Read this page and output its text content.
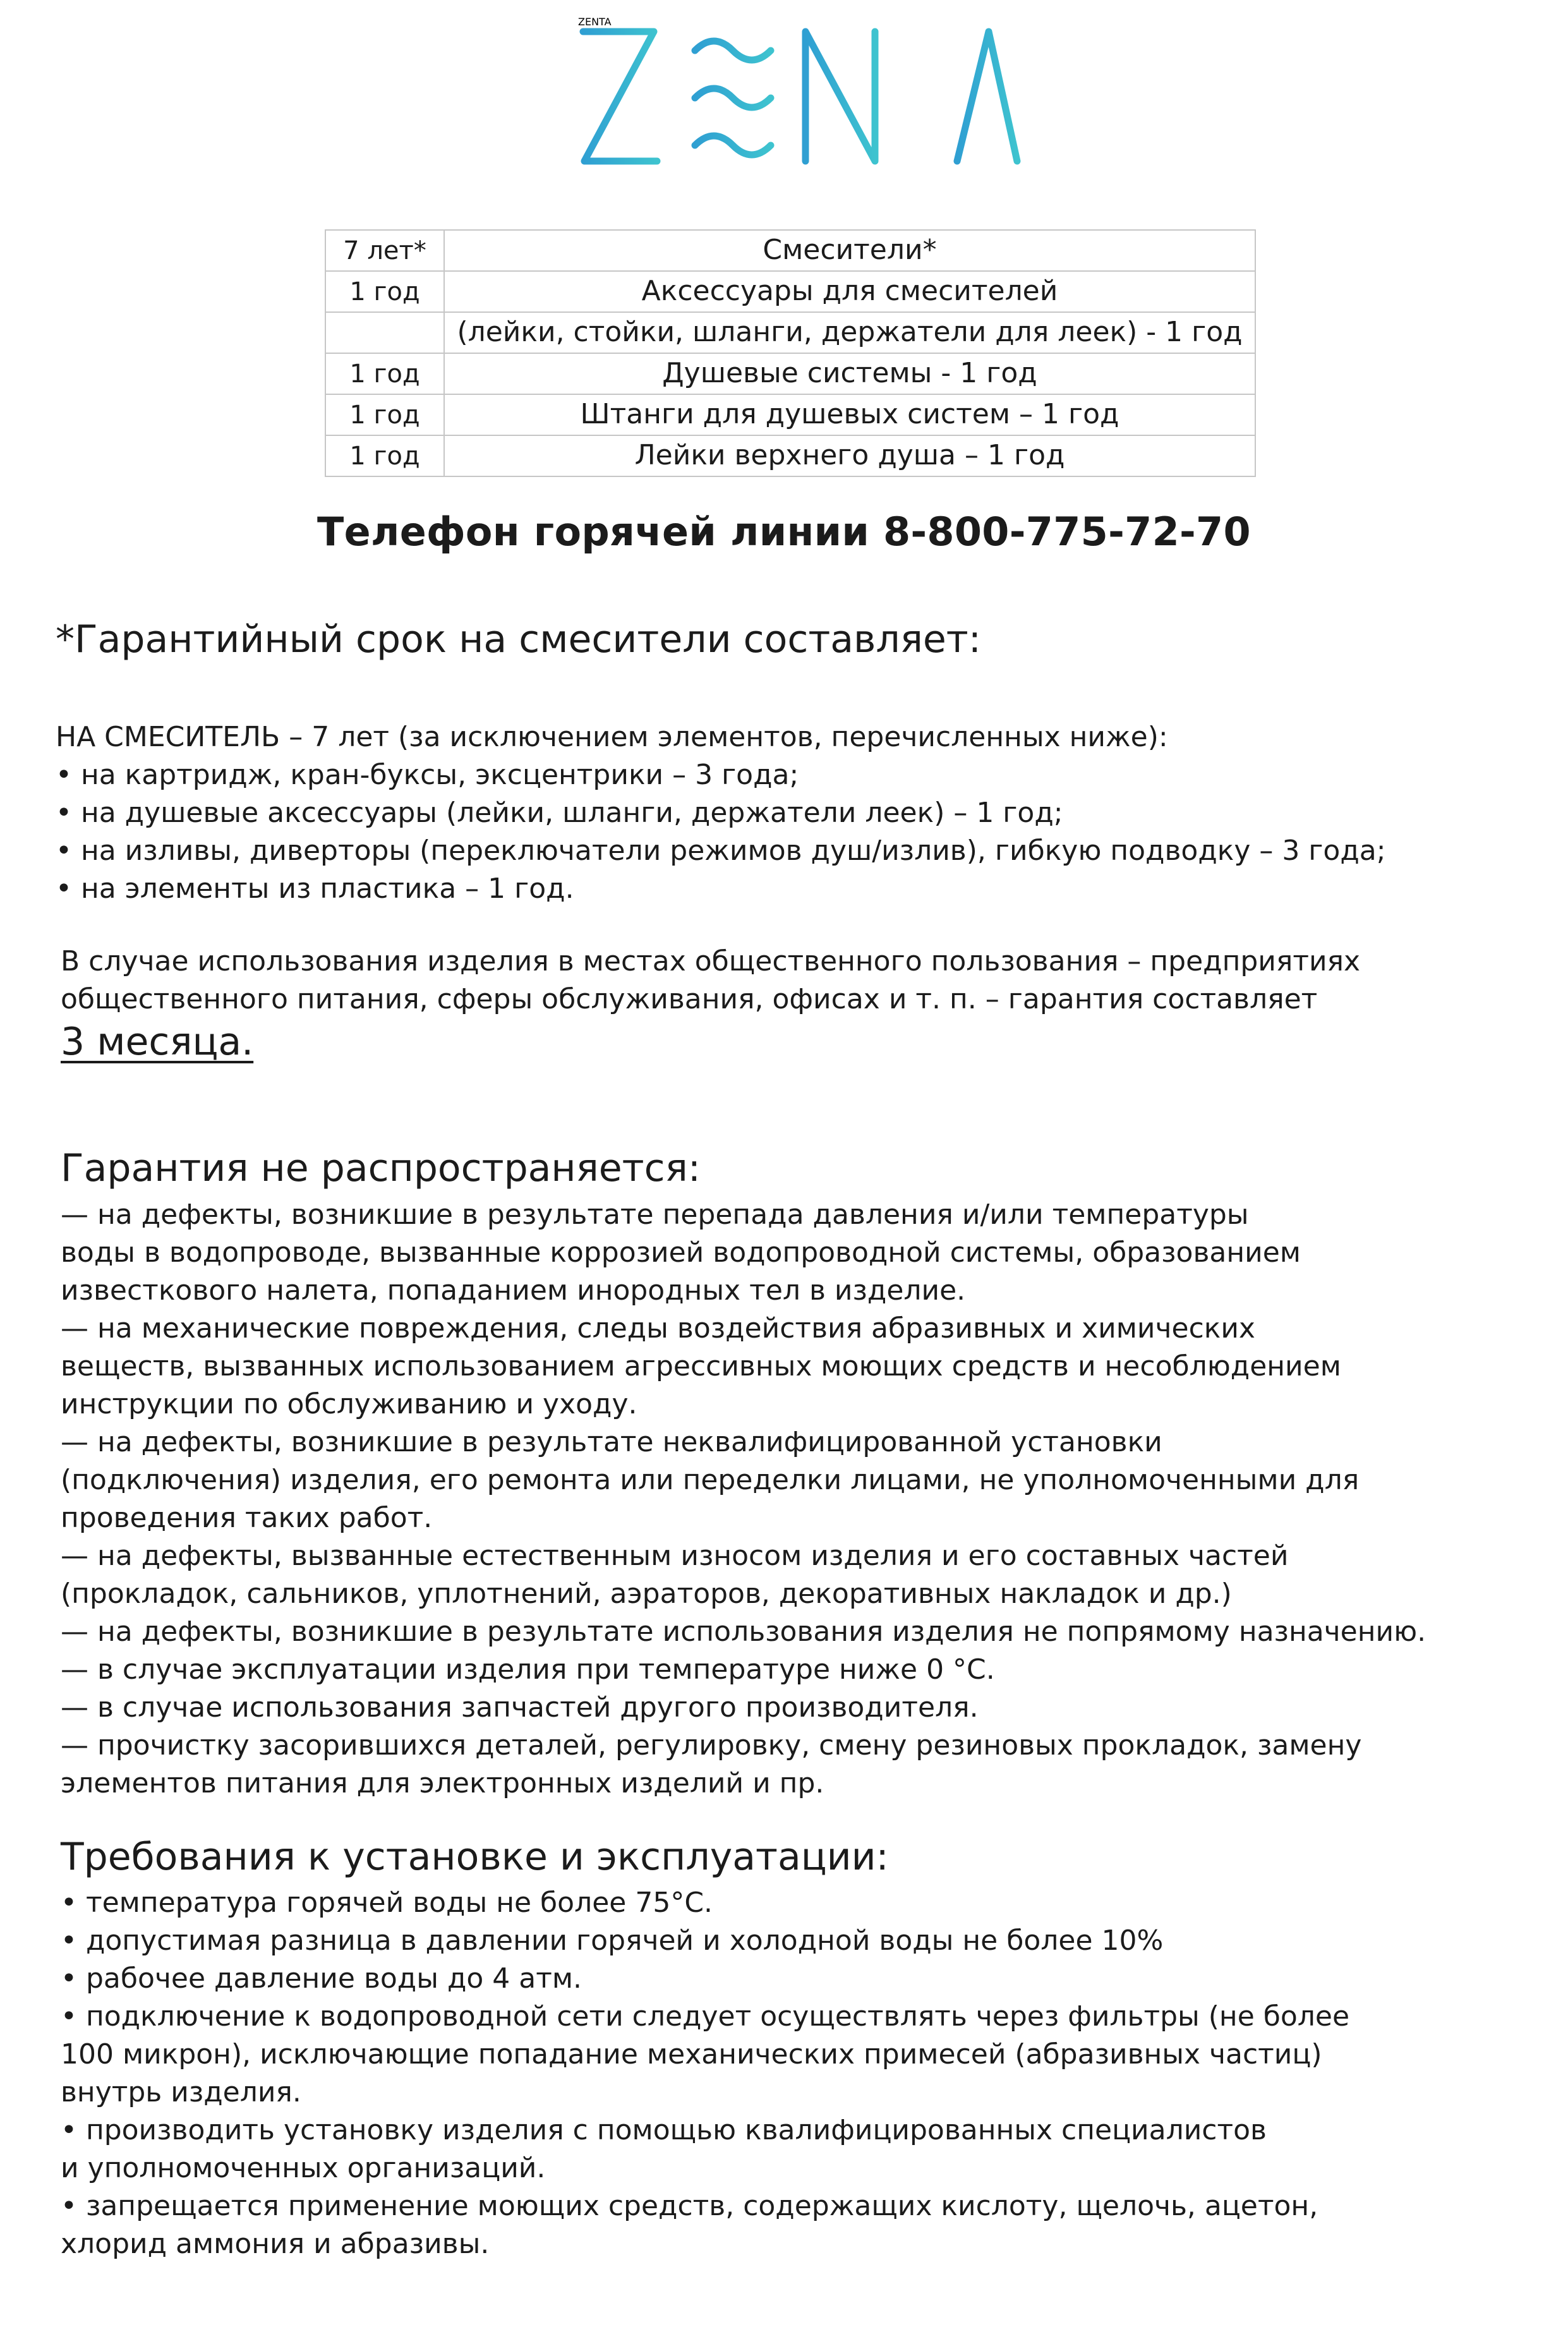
ZENTA
7 лет*	Смесители*
1 год	Аксессуары для смесителей
	(лейки, стойки, шланги, держатели для леек) - 1 год
1 год	Душевые системы - 1 год
1 год	Штанги для душевых систем – 1 год
1 год	Лейки верхнего душа – 1 год
Телефон горячей линии 8-800-775-72-70
*Гарантийный срок на смесители составляет:
НА СМЕСИТЕЛЬ – 7 лет (за исключением элементов, перечисленных ниже):
• на картридж, кран-буксы, эксцентрики – 3 года;
• на душевые аксессуары (лейки, шланги, держатели леек) – 1 год;
• на изливы, диверторы (переключатели режимов душ/излив), гибкую подводку – 3 года;
• на элементы из пластика – 1 год.
В случае использования изделия в местах общественного пользования – предприятиях
общественного питания, сферы обслуживания, офисах и т. п. – гарантия составляет
3 месяца.
Гарантия не распространяется:
— на дефекты, возникшие в результате перепада давления и/или температуры
воды в водопроводе, вызванные коррозией водопроводной системы, образованием
известкового налета, попаданием инородных тел в изделие.
— на механические повреждения, следы воздействия абразивных и химических
веществ, вызванных использованием агрессивных моющих средств и несоблюдением
инструкции по обслуживанию и уходу.
— на дефекты, возникшие в результате неквалифицированной установки
(подключения) изделия, его ремонта или переделки лицами, не уполномоченными для
проведения таких работ.
— на дефекты, вызванные естественным износом изделия и его составных частей
(прокладок, сальников, уплотнений, аэраторов, декоративных накладок и др.)
— на дефекты, возникшие в результате использования изделия не попрямому назначению.
— в случае эксплуатации изделия при температуре ниже 0 °С.
— в случае использования запчастей другого производителя.
— прочистку засорившихся деталей, регулировку, смену резиновых прокладок, замену
элементов питания для электронных изделий и пр.
Требования к установке и эксплуатации:
• температура горячей воды не более 75°С.
• допустимая разница в давлении горячей и холодной воды не более 10%
• рабочее давление воды до 4 атм.
• подключение к водопроводной сети следует осуществлять через фильтры (не более
100 микрон), исключающие попадание механических примесей (абразивных частиц)
внутрь изделия.
• производить установку изделия с помощью квалифицированных специалистов
и уполномоченных организаций.
• запрещается применение моющих средств, содержащих кислоту, щелочь, ацетон,
хлорид аммония и абразивы.
